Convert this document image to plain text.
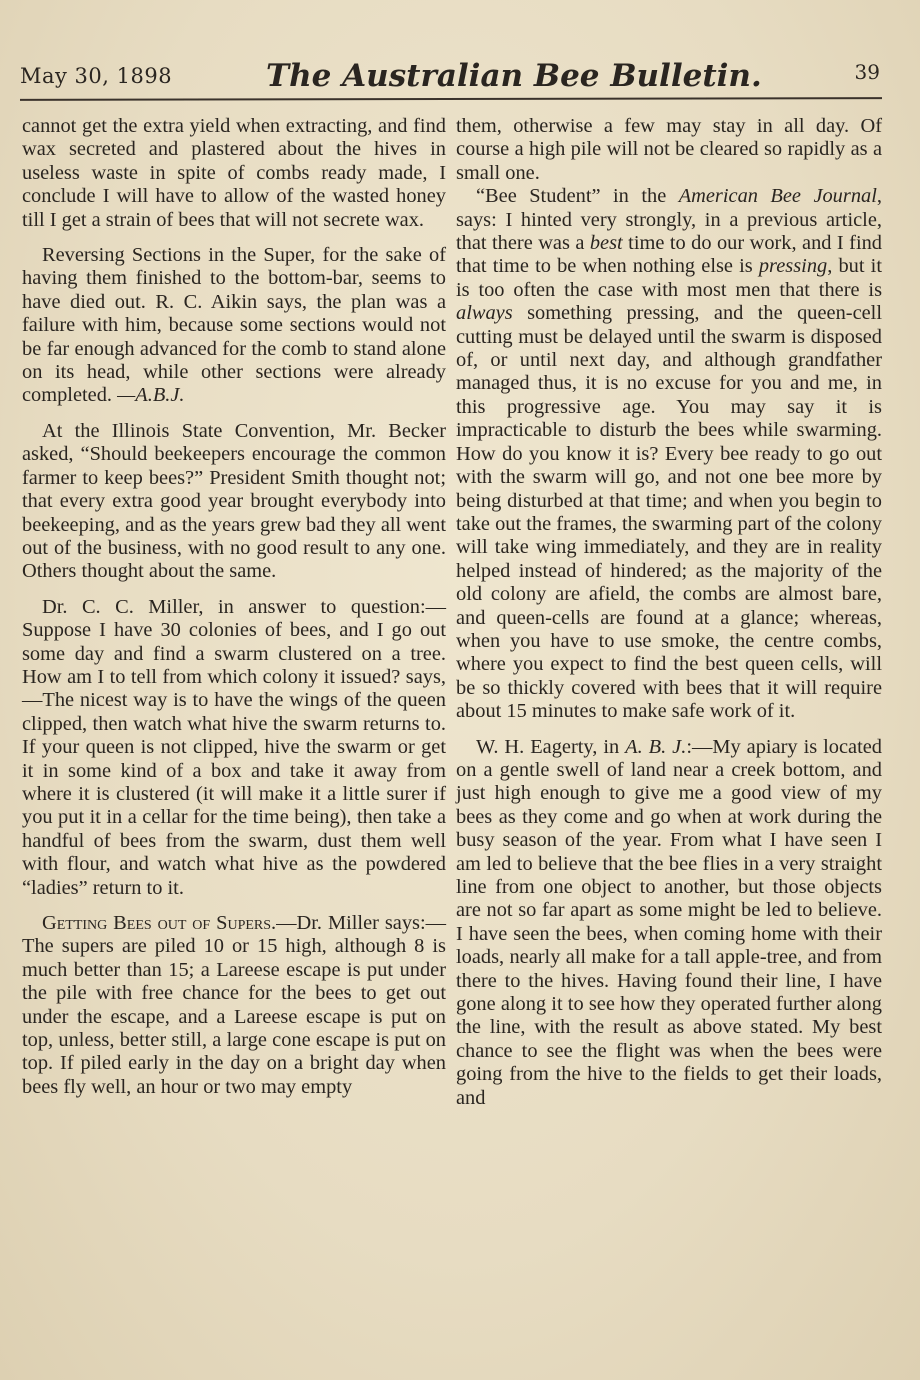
May 30, 1898	The Australian Bee Bulletin.	39

cannot get the extra yield when extracting, and find wax secreted and plastered about the hives in useless waste in spite of combs ready made, I conclude I will have to allow of the wasted honey till I get a strain of bees that will not secrete wax.

Reversing Sections in the Super, for the sake of having them finished to the bottom-bar, seems to have died out. R. C. Aikin says, the plan was a failure with him, because some sections would not be far enough advanced for the comb to stand alone on its head, while other sections were already completed. —A.B.J.

At the Illinois State Convention, Mr. Becker asked, “Should beekeepers encourage the common farmer to keep bees?” President Smith thought not; that every extra good year brought everybody into beekeeping, and as the years grew bad they all went out of the business, with no good result to any one. Others thought about the same.

Dr. C. C. Miller, in answer to question:—Suppose I have 30 colonies of bees, and I go out some day and find a swarm clustered on a tree. How am I to tell from which colony it issued? says, —The nicest way is to have the wings of the queen clipped, then watch what hive the swarm returns to. If your queen is not clipped, hive the swarm or get it in some kind of a box and take it away from where it is clustered (it will make it a little surer if you put it in a cellar for the time being), then take a handful of bees from the swarm, dust them well with flour, and watch what hive as the powdered “ladies” return to it.

Getting Bees out of Supers.—Dr. Miller says:—The supers are piled 10 or 15 high, although 8 is much better than 15; a Lareese escape is put under the pile with free chance for the bees to get out under the escape, and a Lareese escape is put on top, unless, better still, a large cone escape is put on top. If piled early in the day on a bright day when bees fly well, an hour or two may empty

them, otherwise a few may stay in all day. Of course a high pile will not be cleared so rapidly as a small one.

“Bee Student” in the American Bee Journal, says: I hinted very strongly, in a previous article, that there was a best time to do our work, and I find that time to be when nothing else is pressing, but it is too often the case with most men that there is always something pressing, and the queen-cell cutting must be delayed until the swarm is disposed of, or until next day, and although grandfather managed thus, it is no excuse for you and me, in this progressive age. You may say it is impracticable to disturb the bees while swarming. How do you know it is? Every bee ready to go out with the swarm will go, and not one bee more by being disturbed at that time; and when you begin to take out the frames, the swarming part of the colony will take wing immediately, and they are in reality helped instead of hindered; as the majority of the old colony are afield, the combs are almost bare, and queen-cells are found at a glance; whereas, when you have to use smoke, the centre combs, where you expect to find the best queen cells, will be so thickly covered with bees that it will require about 15 minutes to make safe work of it.

W. H. Eagerty, in A. B. J.:—My apiary is located on a gentle swell of land near a creek bottom, and just high enough to give me a good view of my bees as they come and go when at work during the busy season of the year. From what I have seen I am led to believe that the bee flies in a very straight line from one object to another, but those objects are not so far apart as some might be led to believe. I have seen the bees, when coming home with their loads, nearly all make for a tall apple-tree, and from there to the hives. Having found their line, I have gone along it to see how they operated further along the line, with the result as above stated. My best chance to see the flight was when the bees were going from the hive to the fields to get their loads, and
